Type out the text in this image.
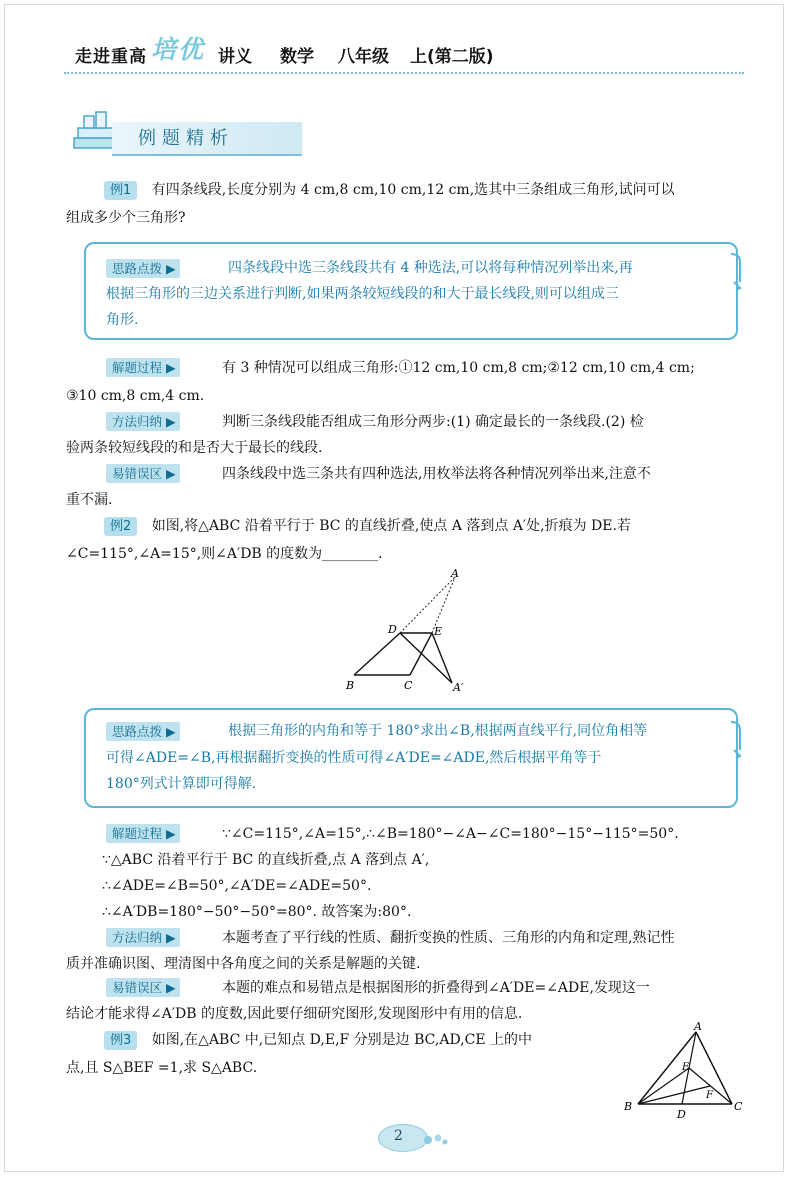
走进重高 培优 讲义 数学 八年级 上(第二版)
例题精析
例1 有四条线段,长度分别为 4 cm,8 cm,10 cm,12 cm,选其中三条组成三角形,试问可以
组成多少个三角形?
思路点拨 ▶	四条线段中选三条线段共有 4 种选法,可以将每种情况列举出来,再
根据三角形的三边关系进行判断,如果两条较短线段的和大于最长线段,则可以组成三
角形.
解题过程 ▶	有 3 种情况可以组成三角形:①12 cm,10 cm,8 cm;②12 cm,10 cm,4 cm;
③10 cm,8 cm,4 cm.
方法归纳 ▶	判断三条线段能否组成三角形分两步:(1) 确定最长的一条线段.(2) 检
验两条较短线段的和是否大于最长的线段.
易错误区 ▶	四条线段中选三条共有四种选法,用枚举法将各种情况列举出来,注意不
重不漏.
例2 如图,将△ABC 沿着平行于 BC 的直线折叠,使点 A 落到点 A′处,折痕为 DE.若
∠C=115°,∠A=15°,则∠A′DB 的度数为________.
A
D	E
B	C	A′
思路点拨 ▶	根据三角形的内角和等于 180°求出∠B,根据两直线平行,同位角相等
可得∠ADE=∠B,再根据翻折变换的性质可得∠A′DE=∠ADE,然后根据平角等于
180°列式计算即可得解.
解题过程 ▶	∵∠C=115°,∠A=15°,∴∠B=180°−∠A−∠C=180°−15°−115°=50°.
∵△ABC 沿着平行于 BC 的直线折叠,点 A 落到点 A′,
∴∠ADE=∠B=50°,∠A′DE=∠ADE=50°.
∴∠A′DB=180°−50°−50°=80°. 故答案为:80°.
方法归纳 ▶	本题考查了平行线的性质、翻折变换的性质、三角形的内角和定理,熟记性
质并准确识图、理清图中各角度之间的关系是解题的关键.
易错误区 ▶	本题的难点和易错点是根据图形的折叠得到∠A′DE=∠ADE,发现这一
结论才能求得∠A′DB 的度数,因此要仔细研究图形,发现图形中有用的信息.
例3 如图,在△ABC 中,已知点 D,E,F 分别是边 BC,AD,CE 上的中
点,且 S△BEF =1,求 S△ABC.
A
E
F
B
D
C
2
